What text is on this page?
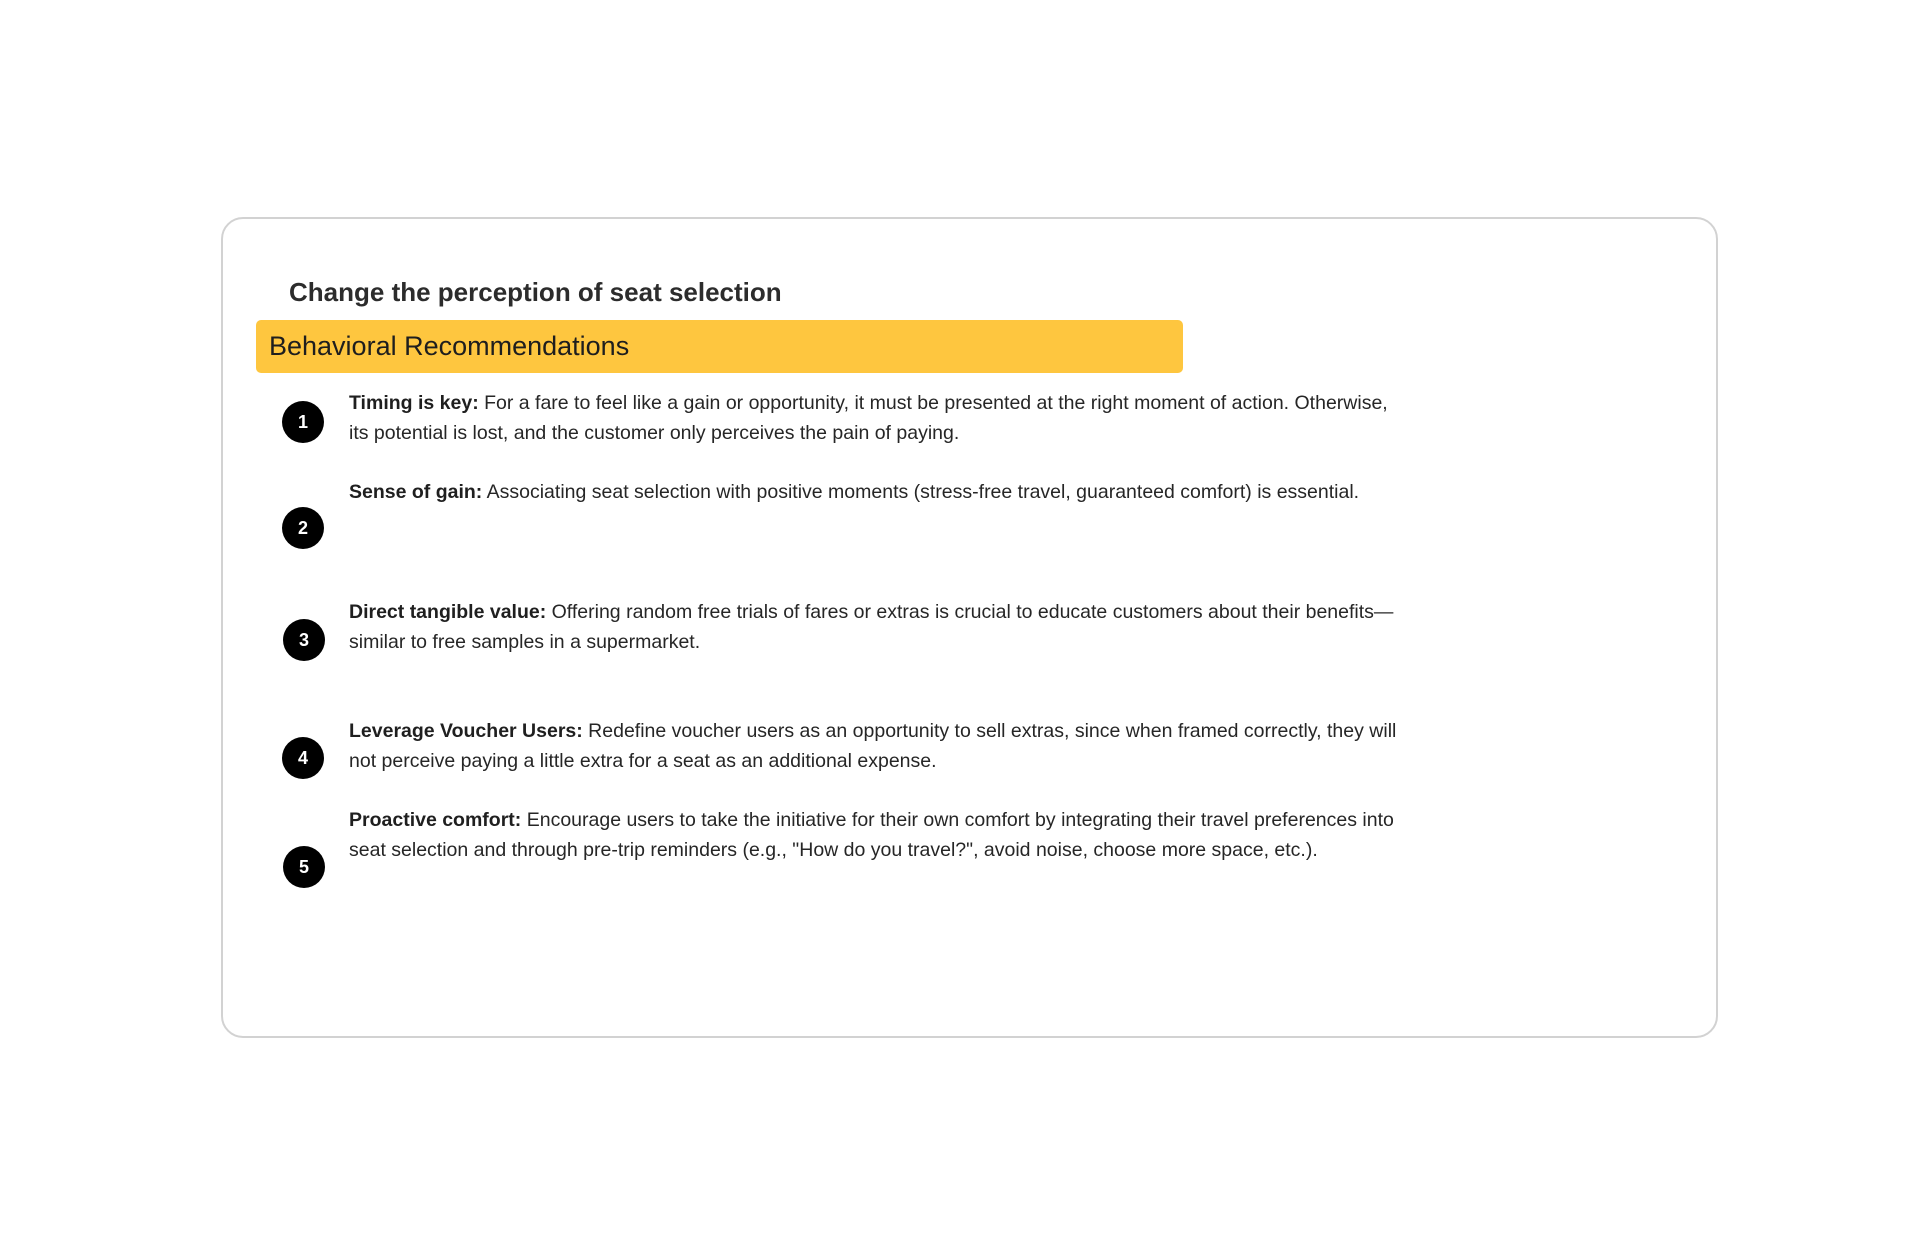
Change the perception of seat selection
Behavioral Recommendations
1
Timing is key: For a fare to feel like a gain or opportunity, it must be presented at the right moment of action. Otherwise, its potential is lost, and the customer only perceives the pain of paying.
2
Sense of gain: Associating seat selection with positive moments (stress-free travel, guaranteed comfort) is essential.
3
Direct tangible value: Offering random free trials of fares or extras is crucial to educate customers about their benefits—similar to free samples in a supermarket.
4
Leverage Voucher Users: Redefine voucher users as an opportunity to sell extras, since when framed correctly, they will not perceive paying a little extra for a seat as an additional expense.
5
Proactive comfort: Encourage users to take the initiative for their own comfort by integrating their travel preferences into seat selection and through pre-trip reminders (e.g., "How do you travel?", avoid noise, choose more space, etc.).
